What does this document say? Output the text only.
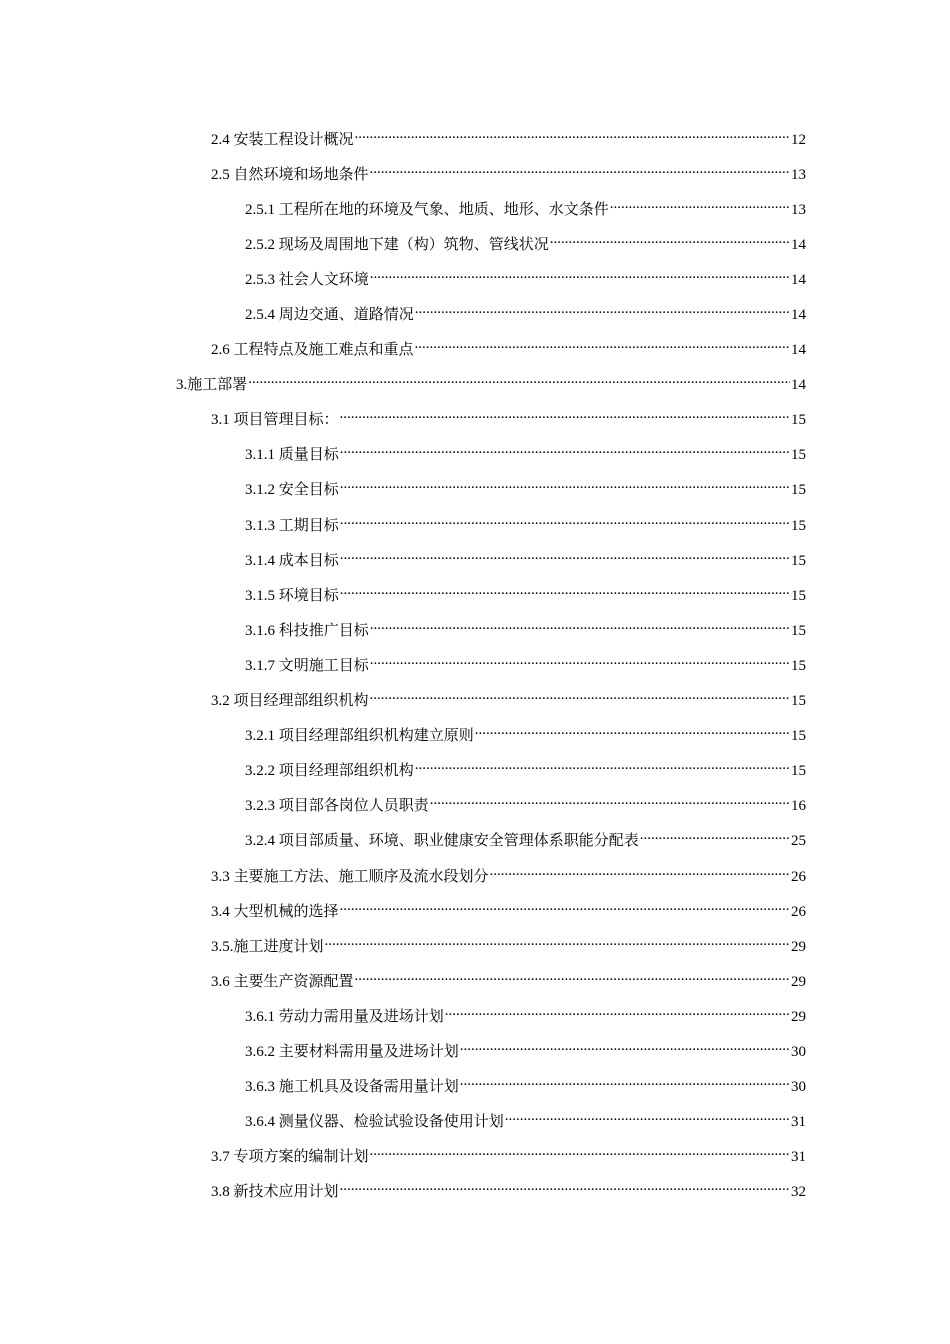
2.4 安装工程设计概况 .....	12
2.5 自然环境和场地条件 .....	13
2.5.1 工程所在地的环境及气象、地质、地形、水文条件 .....	13
2.5.2 现场及周围地下建（构）筑物、管线状况 .....	14
2.5.3 社会人文环境 .....	14
2.5.4 周边交通、道路情况 .....	14
2.6 工程特点及施工难点和重点 .....	14
3.施工部署 .....	14
3.1 项目管理目标： .....	15
3.1.1 质量目标 .....	15
3.1.2 安全目标 .....	15
3.1.3 工期目标 .....	15
3.1.4 成本目标 .....	15
3.1.5 环境目标 .....	15
3.1.6 科技推广目标 .....	15
3.1.7 文明施工目标 .....	15
3.2 项目经理部组织机构 .....	15
3.2.1 项目经理部组织机构建立原则 .....	15
3.2.2 项目经理部组织机构 .....	15
3.2.3 项目部各岗位人员职责 .....	16
3.2.4 项目部质量、环境、职业健康安全管理体系职能分配表 .....	25
3.3 主要施工方法、施工顺序及流水段划分 .....	26
3.4 大型机械的选择 .....	26
3.5.施工进度计划 .....	29
3.6 主要生产资源配置 .....	29
3.6.1 劳动力需用量及进场计划 .....	29
3.6.2 主要材料需用量及进场计划 .....	30
3.6.3 施工机具及设备需用量计划 .....	30
3.6.4 测量仪器、检验试验设备使用计划 .....	31
3.7 专项方案的编制计划 .....	31
3.8 新技术应用计划 .....	32
